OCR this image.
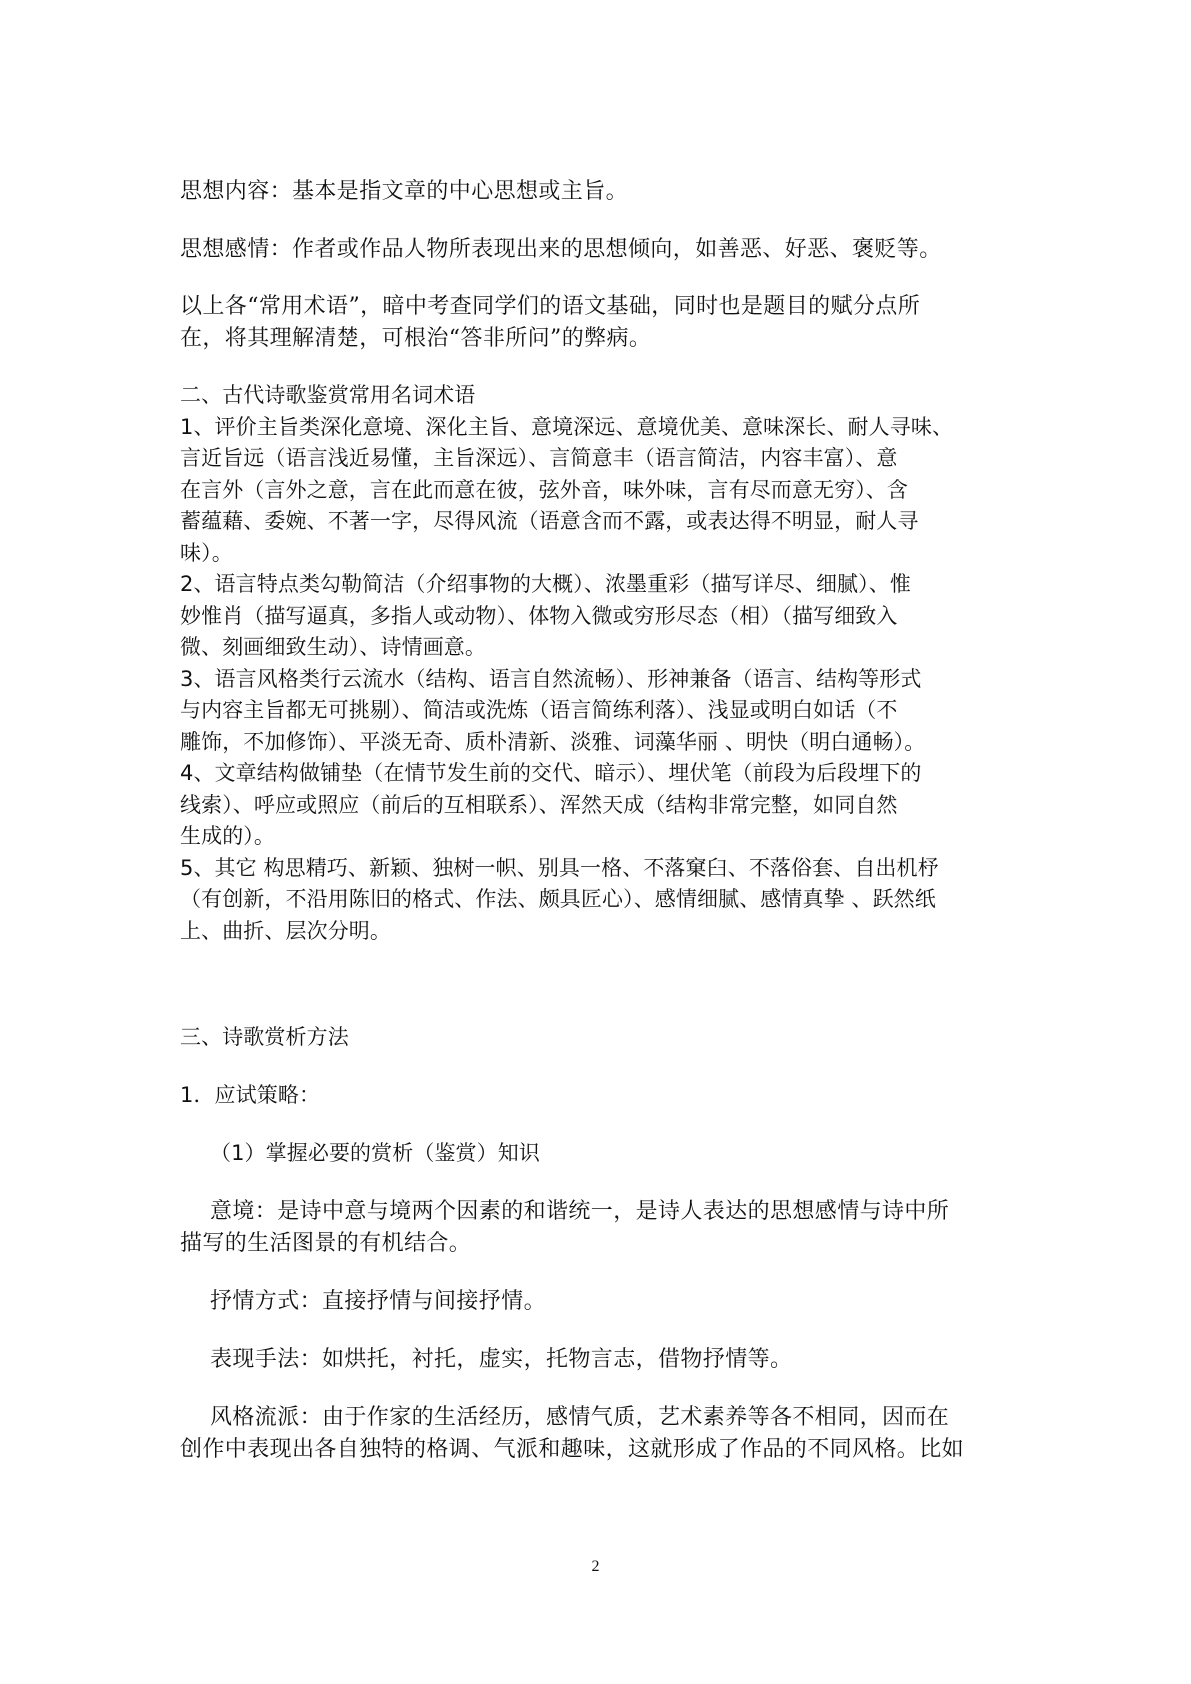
思想内容：基本是指文章的中心思想或主旨。

思想感情：作者或作品人物所表现出来的思想倾向，如善恶、好恶、褒贬等。

以上各“常用术语”，暗中考查同学们的语文基础，同时也是题目的赋分点所
在，将其理解清楚，可根治“答非所问”的弊病。

二、古代诗歌鉴赏常用名词术语
1、评价主旨类深化意境、深化主旨、意境深远、意境优美、意味深长、耐人寻味、
言近旨远（语言浅近易懂，主旨深远）、言简意丰（语言简洁，内容丰富）、意
在言外（言外之意，言在此而意在彼，弦外音，味外味，言有尽而意无穷）、含
蓄蕴藉、委婉、不著一字，尽得风流（语意含而不露，或表达得不明显，耐人寻
味）。
2、语言特点类勾勒简洁（介绍事物的大概）、浓墨重彩（描写详尽、细腻）、惟
妙惟肖（描写逼真，多指人或动物）、体物入微或穷形尽态（相）（描写细致入
微、刻画细致生动）、诗情画意。
3、语言风格类行云流水（结构、语言自然流畅）、形神兼备（语言、结构等形式
与内容主旨都无可挑剔）、简洁或洗炼（语言简练利落）、浅显或明白如话（不
雕饰，不加修饰）、平淡无奇、质朴清新、淡雅、词藻华丽 、明快（明白通畅）。
4、文章结构做铺垫（在情节发生前的交代、暗示）、埋伏笔（前段为后段埋下的
线索）、呼应或照应（前后的互相联系）、浑然天成（结构非常完整，如同自然
生成的）。
5、其它 构思精巧、新颖、独树一帜、别具一格、不落窠臼、不落俗套、自出机杼
（有创新，不沿用陈旧的格式、作法、颇具匠心）、感情细腻、感情真挚 、跃然纸
上、曲折、层次分明。

三、诗歌赏析方法

1．应试策略：

（1）掌握必要的赏析（鉴赏）知识

意境：是诗中意与境两个因素的和谐统一，是诗人表达的思想感情与诗中所
描写的生活图景的有机结合。

抒情方式：直接抒情与间接抒情。

表现手法：如烘托，衬托，虚实，托物言志，借物抒情等。

风格流派：由于作家的生活经历，感情气质，艺术素养等各不相同，因而在
创作中表现出各自独特的格调、气派和趣味，这就形成了作品的不同风格。比如

2
